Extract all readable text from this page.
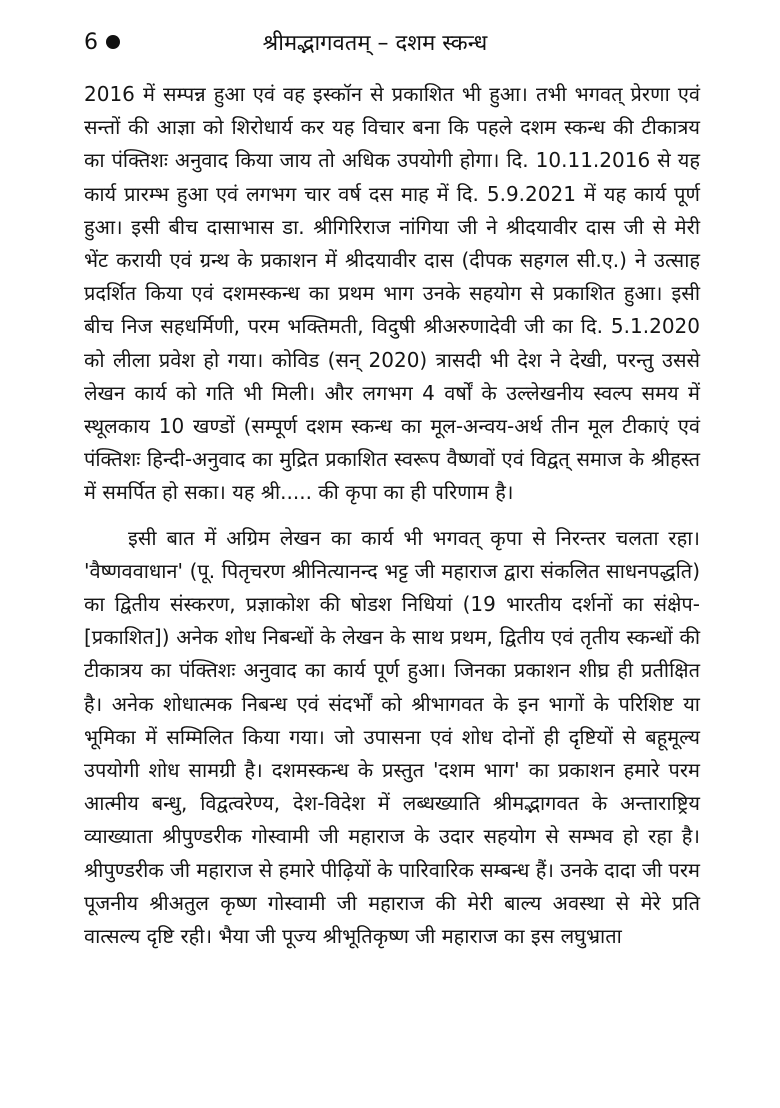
6	श्रीमद्भागवतम् – दशम स्कन्ध

2016 में सम्पन्न हुआ एवं वह इस्कॉन से प्रकाशित भी हुआ। तभी भगवत् प्रेरणा एवं सन्तों की आज्ञा को शिरोधार्य कर यह विचार बना कि पहले दशम स्कन्ध की टीकात्रय का पंक्तिशः अनुवाद किया जाय तो अधिक उपयोगी होगा। दि. 10.11.2016 से यह कार्य प्रारम्भ हुआ एवं लगभग चार वर्ष दस माह में दि. 5.9.2021 में यह कार्य पूर्ण हुआ। इसी बीच दासाभास डा. श्रीगिरिराज नांगिया जी ने श्रीदयावीर दास जी से मेरी भेंट करायी एवं ग्रन्थ के प्रकाशन में श्रीदयावीर दास (दीपक सहगल सी.ए.) ने उत्साह प्रदर्शित किया एवं दशमस्कन्ध का प्रथम भाग उनके सहयोग से प्रकाशित हुआ। इसी बीच निज सहधर्मिणी, परम भक्तिमती, विदुषी श्रीअरुणादेवी जी का दि. 5.1.2020 को लीला प्रवेश हो गया। कोविड (सन् 2020) त्रासदी भी देश ने देखी, परन्तु उससे लेखन कार्य को गति भी मिली। और लगभग 4 वर्षों के उल्लेखनीय स्वल्प समय में स्थूलकाय 10 खण्डों (सम्पूर्ण दशम स्कन्ध का मूल-अन्वय-अर्थ तीन मूल टीकाएं एवं पंक्तिशः हिन्दी-अनुवाद का मुद्रित प्रकाशित स्वरूप वैष्णवों एवं विद्वत् समाज के श्रीहस्त में समर्पित हो सका। यह श्री..... की कृपा का ही परिणाम है।

इसी बात में अग्रिम लेखन का कार्य भी भगवत् कृपा से निरन्तर चलता रहा। 'वैष्णववाधान' (पू. पितृचरण श्रीनित्यानन्द भट्ट जी महाराज द्वारा संकलित साधनपद्धति) का द्वितीय संस्करण, प्रज्ञाकोश की षोडश निधियां (19 भारतीय दर्शनों का संक्षेप-[प्रकाशित]) अनेक शोध निबन्धों के लेखन के साथ प्रथम, द्वितीय एवं तृतीय स्कन्धों की टीकात्रय का पंक्तिशः अनुवाद का कार्य पूर्ण हुआ। जिनका प्रकाशन शीघ्र ही प्रतीक्षित है। अनेक शोधात्मक निबन्ध एवं संदर्भों को श्रीभागवत के इन भागों के परिशिष्ट या भूमिका में सम्मिलित किया गया। जो उपासना एवं शोध दोनों ही दृष्टियों से बहूमूल्य उपयोगी शोध सामग्री है। दशमस्कन्ध के प्रस्तुत 'दशम भाग' का प्रकाशन हमारे परम आत्मीय बन्धु, विद्वत्वरेण्य, देश-विदेश में लब्धख्याति श्रीमद्भागवत के अन्ताराष्ट्रिय व्याख्याता श्रीपुण्डरीक गोस्वामी जी महाराज के उदार सहयोग से सम्भव हो रहा है। श्रीपुण्डरीक जी महाराज से हमारे पीढ़ियों के पारिवारिक सम्बन्ध हैं। उनके दादा जी परम पूजनीय श्रीअतुल कृष्ण गोस्वामी जी महाराज की मेरी बाल्य अवस्था से मेरे प्रति वात्सल्य दृष्टि रही। भैया जी पूज्य श्रीभूतिकृष्ण जी महाराज का इस लघुभ्राता
